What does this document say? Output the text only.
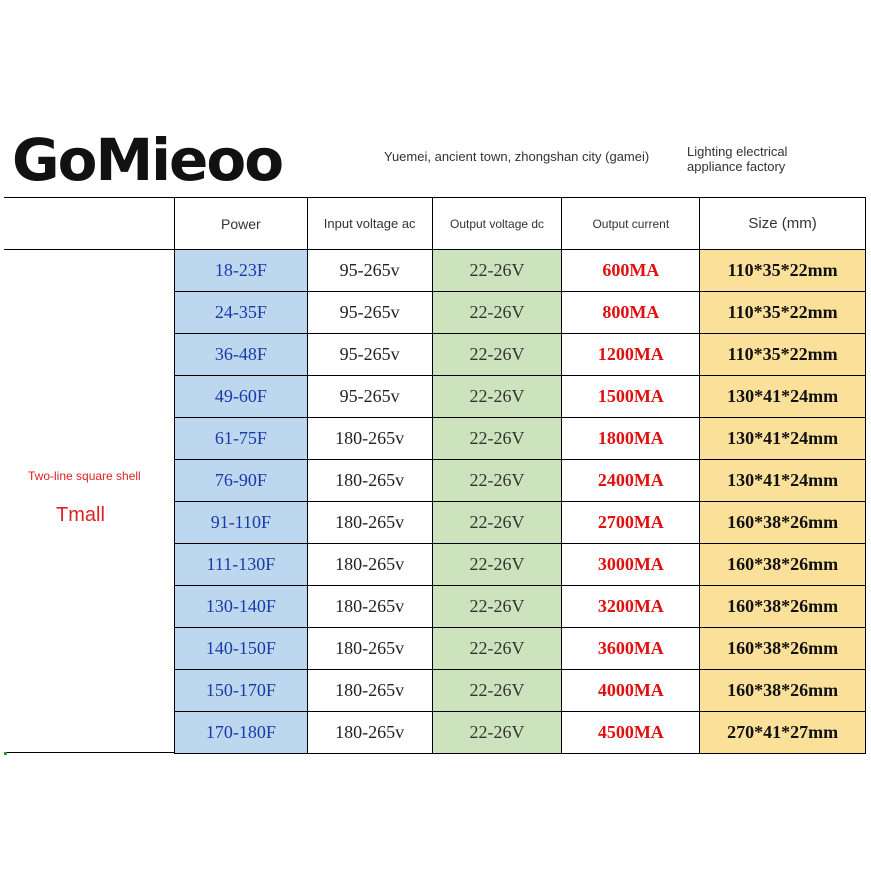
GoMieoo	Yuemei, ancient town, zhongshan city (gamei)	Lighting electrical appliance factory
Two-line square shell
Tmall
Power	Input voltage ac	Output voltage dc	Output current	Size (mm)
18-23F	95-265v	22-26V	600MA	110*35*22mm
24-35F	95-265v	22-26V	800MA	110*35*22mm
36-48F	95-265v	22-26V	1200MA	110*35*22mm
49-60F	95-265v	22-26V	1500MA	130*41*24mm
61-75F	180-265v	22-26V	1800MA	130*41*24mm
76-90F	180-265v	22-26V	2400MA	130*41*24mm
91-110F	180-265v	22-26V	2700MA	160*38*26mm
111-130F	180-265v	22-26V	3000MA	160*38*26mm
130-140F	180-265v	22-26V	3200MA	160*38*26mm
140-150F	180-265v	22-26V	3600MA	160*38*26mm
150-170F	180-265v	22-26V	4000MA	160*38*26mm
170-180F	180-265v	22-26V	4500MA	270*41*27mm
